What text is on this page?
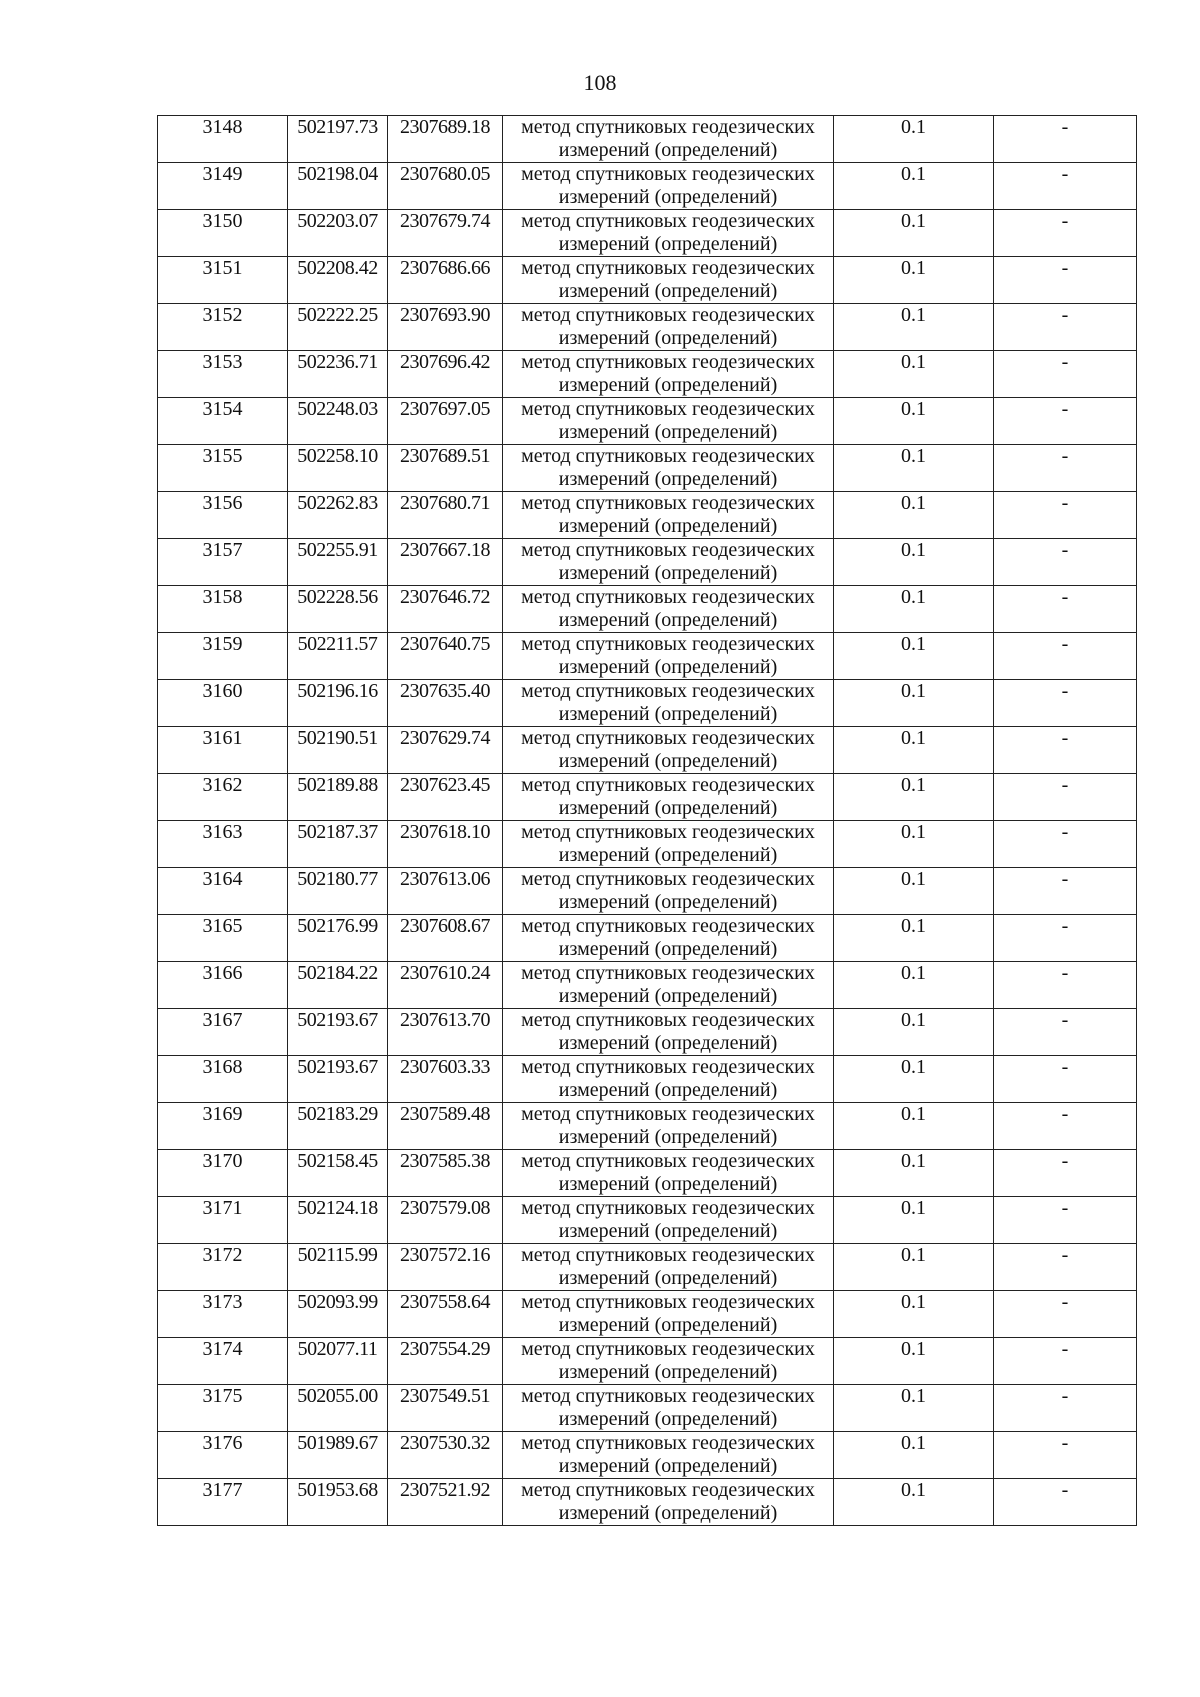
108
3148	502197.73	2307689.18	метод спутниковых геодезических измерений (определений)	0.1	-
3149	502198.04	2307680.05	метод спутниковых геодезических измерений (определений)	0.1	-
3150	502203.07	2307679.74	метод спутниковых геодезических измерений (определений)	0.1	-
3151	502208.42	2307686.66	метод спутниковых геодезических измерений (определений)	0.1	-
3152	502222.25	2307693.90	метод спутниковых геодезических измерений (определений)	0.1	-
3153	502236.71	2307696.42	метод спутниковых геодезических измерений (определений)	0.1	-
3154	502248.03	2307697.05	метод спутниковых геодезических измерений (определений)	0.1	-
3155	502258.10	2307689.51	метод спутниковых геодезических измерений (определений)	0.1	-
3156	502262.83	2307680.71	метод спутниковых геодезических измерений (определений)	0.1	-
3157	502255.91	2307667.18	метод спутниковых геодезических измерений (определений)	0.1	-
3158	502228.56	2307646.72	метод спутниковых геодезических измерений (определений)	0.1	-
3159	502211.57	2307640.75	метод спутниковых геодезических измерений (определений)	0.1	-
3160	502196.16	2307635.40	метод спутниковых геодезических измерений (определений)	0.1	-
3161	502190.51	2307629.74	метод спутниковых геодезических измерений (определений)	0.1	-
3162	502189.88	2307623.45	метод спутниковых геодезических измерений (определений)	0.1	-
3163	502187.37	2307618.10	метод спутниковых геодезических измерений (определений)	0.1	-
3164	502180.77	2307613.06	метод спутниковых геодезических измерений (определений)	0.1	-
3165	502176.99	2307608.67	метод спутниковых геодезических измерений (определений)	0.1	-
3166	502184.22	2307610.24	метод спутниковых геодезических измерений (определений)	0.1	-
3167	502193.67	2307613.70	метод спутниковых геодезических измерений (определений)	0.1	-
3168	502193.67	2307603.33	метод спутниковых геодезических измерений (определений)	0.1	-
3169	502183.29	2307589.48	метод спутниковых геодезических измерений (определений)	0.1	-
3170	502158.45	2307585.38	метод спутниковых геодезических измерений (определений)	0.1	-
3171	502124.18	2307579.08	метод спутниковых геодезических измерений (определений)	0.1	-
3172	502115.99	2307572.16	метод спутниковых геодезических измерений (определений)	0.1	-
3173	502093.99	2307558.64	метод спутниковых геодезических измерений (определений)	0.1	-
3174	502077.11	2307554.29	метод спутниковых геодезических измерений (определений)	0.1	-
3175	502055.00	2307549.51	метод спутниковых геодезических измерений (определений)	0.1	-
3176	501989.67	2307530.32	метод спутниковых геодезических измерений (определений)	0.1	-
3177	501953.68	2307521.92	метод спутниковых геодезических измерений (определений)	0.1	-
